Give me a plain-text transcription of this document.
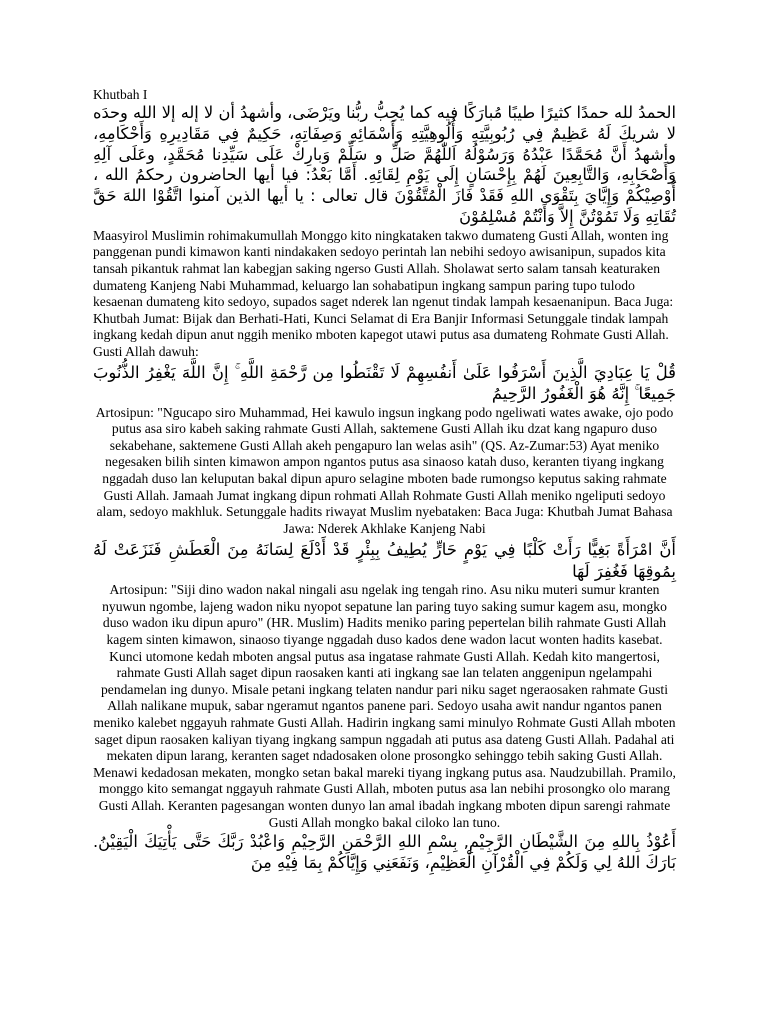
Khutbah I

الحمدُ لله حمدًا كثيرًا طيبًا مُبارَكًا فيه كما يُحِبُّ ربُّنا ويَرْضَى، وأشهدُ أن لا إله إلا الله وحدَه لا شريكَ لَهُ عَظِيمٌ فِي رُبُوبِيَّتِهِ وَأُلُوهِيَّتِهِ وَأَسْمَائِهِ وَصِفَاتِهِ، حَكِيمٌ فِي مَقَادِيرِهِ وَأَحْكَامِهِ، وأشهدُ أَنَّ مُحَمَّدًا عَبْدُهُ وَرَسُوْلُهُ اَللّٰهُمَّ صَلِّ و سَلِّمْ وَبارِكْ عَلَى سَيِّدِنا مُحَمَّدٍ، وعَلَى آلِهِ وَأَصْحَابِهِ، وَالتَّابِعِينَ لَهُمْ بِإِحْسَانٍ إِلَى يَوْمِ لِقَائِهِ. أَمَّا بَعْدُ: فيا أيها الحاضرون رحكمُ الله ، أُوْصِيْكُمْ وَإِيَّايَ بِتَقْوَى اللهِ فَقَدْ فَازَ الْمُتَّقُوْنَ قال تعالى : يا أيها الذين آمنوا اتَّقُوْا اللهَ حَقَّ تُقَاتِهِ وَلَا تَمُوْتُنَّ إِلاَّ وَأَنْتُمْ مُسْلِمُوْنَ

Maasyirol Muslimin rohimakumullah Monggo kito ningkataken takwo dumateng Gusti Allah, wonten ing panggenan pundi kimawon kanti nindakaken sedoyo perintah lan nebihi sedoyo awisanipun, supados kita tansah pikantuk rahmat lan kabegjan saking ngerso Gusti Allah. Sholawat serto salam tansah keaturaken dumateng Kanjeng Nabi Muhammad, keluargo lan sohabatipun ingkang sampun paring tupo tulodo kesaenan dumateng kito sedoyo, supados saget nderek lan ngenut tindak lampah kesaenanipun. Baca Juga: Khutbah Jumat: Bijak dan Berhati-Hati, Kunci Selamat di Era Banjir Informasi Setunggale tindak lampah ingkang kedah dipun anut nggih meniko mboten kapegot utawi putus asa dumateng Rohmate Gusti Allah. Gusti Allah dawuh:

قُلْ يَا عِبَادِيَ الَّذِينَ أَسْرَفُوا عَلَىٰ أَنفُسِهِمْ لَا تَقْنَطُوا مِن رَّحْمَةِ اللَّهِ ۚ إِنَّ اللَّهَ يَغْفِرُ الذُّنُوبَ جَمِيعًا ۚ إِنَّهُ هُوَ الْغَفُورُ الرَّحِيمُ

Artosipun: "Ngucapo siro Muhammad, Hei kawulo ingsun ingkang podo ngeliwati wates awake, ojo podo putus asa siro kabeh saking rahmate Gusti Allah, saktemene Gusti Allah iku dzat kang ngapuro duso sekabehane, saktemene Gusti Allah akeh pengapuro lan welas asih" (QS. Az-Zumar:53) Ayat meniko negesaken bilih sinten kimawon ampon ngantos putus asa sinaoso katah duso, keranten tiyang ingkang nggadah duso lan keluputan bakal dipun apuro selagine mboten bade rumongso keputus saking rahmate Gusti Allah. Jamaah Jumat ingkang dipun rohmati Allah Rohmate Gusti Allah meniko ngeliputi sedoyo alam, sedoyo makhluk. Setunggale hadits riwayat Muslim nyebataken: Baca Juga: Khutbah Jumat Bahasa Jawa: Nderek Akhlake Kanjeng Nabi

أَنَّ امْرَأَةً بَغِيًّا رَأَتْ كَلْبًا فِي يَوْمٍ حَارٍّ يُطِيفُ بِبِئْرٍ قَدْ أَدْلَعَ لِسَانَهُ مِنَ الْعَطَشِ فَنَزَعَتْ لَهُ بِمُوقِهَا فَغُفِرَ لَهَا

Artosipun: "Siji dino wadon nakal ningali asu ngelak ing tengah rino. Asu niku muteri sumur kranten nyuwun ngombe, lajeng wadon niku nyopot sepatune lan paring tuyo saking sumur kagem asu, mongko duso wadon iku dipun apuro" (HR. Muslim) Hadits meniko paring pepertelan bilih rahmate Gusti Allah kagem sinten kimawon, sinaoso tiyange nggadah duso kados dene wadon lacut wonten hadits kasebat. Kunci utomone kedah mboten angsal putus asa ingatase rahmate Gusti Allah. Kedah kito mangertosi, rahmate Gusti Allah saget dipun raosaken kanti ati ingkang sae lan telaten anggenipun ngelampahi pendamelan ing dunyo. Misale petani ingkang telaten nandur pari niku saget ngeraosaken rahmate Gusti Allah nalikane mupuk, sabar ngeramut ngantos panene pari. Sedoyo usaha awit nandur ngantos panen meniko kalebet nggayuh rahmate Gusti Allah. Hadirin ingkang sami minulyo Rohmate Gusti Allah mboten saget dipun raosaken kaliyan tiyang ingkang sampun nggadah ati putus asa dateng Gusti Allah. Padahal ati mekaten dipun larang, keranten saget ndadosaken olone prosongko sehinggo tebih saking Gusti Allah. Menawi kedadosan mekaten, mongko setan bakal mareki tiyang ingkang putus asa. Naudzubillah. Pramilo, monggo kito semangat nggayuh rahmate Gusti Allah, mboten putus asa lan nebihi prosongko olo marang Gusti Allah. Keranten pagesangan wonten dunyo lan amal ibadah ingkang mboten dipun sarengi rahmate Gusti Allah mongko bakal ciloko lan tuno.

أَعُوْذُ بِاللهِ مِنَ الشَّيْطَانِ الرَّجِيْمِ, بِسْمِ اللهِ الرَّحْمَنِ الرَّحِيْمِ وَاعْبُدْ رَبَّكَ حَتَّى يَأْتِيَكَ الْيَقِيْنُ. بَارَكَ اللهُ لِي وَلَكُمْ فِي الْقُرْآنِ الْعَظِيْمِ، وَنَفَعَنِي وَإِيَّاكُمْ بِمَا فِيْهِ مِنَ
